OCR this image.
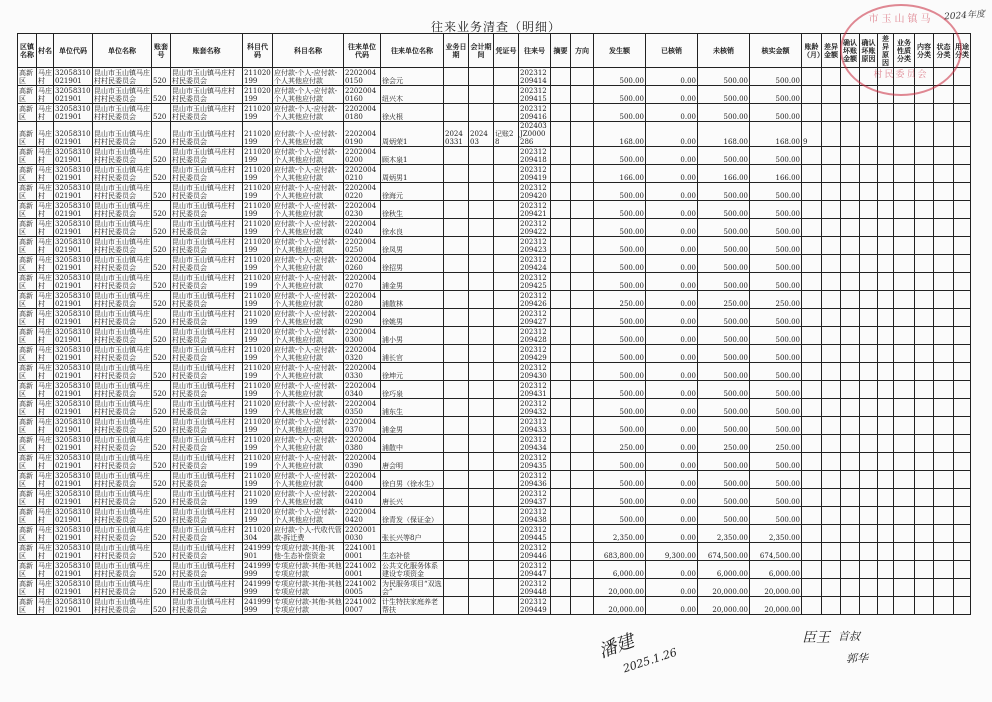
往来业务清查（明细）
2024年度
区镇名称	村名	单位代码	单位名称	账套号	账套名称	科目代码	科目名称	往来单位代码	往来单位名称	业务日期	会计期间	凭证号	往来号	摘要	方向	发生额	已核销	未核销	核实金额	账龄（月）	差异金额	确认坏账金额	确认坏账原因	差异原因	业务性质分类	内容分类	状态分类	用途分类
高新区	马庄村	32058310021901	昆山市玉山镇马庄村村民委员会	520	昆山市玉山镇马庄村村民委员会	211020199	应付款-个人-应付款-个人其他应付款	22020040150	徐会元				202312209414			500.00	0.00	500.00	500.00									
高新区	马庄村	32058310021901	昆山市玉山镇马庄村村民委员会	520	昆山市玉山镇马庄村村民委员会	211020199	应付款-个人-应付款-个人其他应付款	22020040160	纽兴木				202312209415			500.00	0.00	500.00	500.00									
高新区	马庄村	32058310021901	昆山市玉山镇马庄村村民委员会	520	昆山市玉山镇马庄村村民委员会	211020199	应付款-个人-应付款-个人其他应付款	22020040180	徐火根				202312209416			500.00	0.00	500.00	500.00									
高新区	马庄村	32058310021901	昆山市玉山镇马庄村村民委员会	520	昆山市玉山镇马庄村村民委员会	211020199	应付款-个人-应付款-个人其他应付款	22020040190	周炳荣1	20240331	202403	记账28	202403JZ0000286			168.00	0.00	168.00	168.00	9								
高新区	马庄村	32058310021901	昆山市玉山镇马庄村村民委员会	520	昆山市玉山镇马庄村村民委员会	211020199	应付款-个人-应付款-个人其他应付款	22020040200	顾木泉1				202312209418			500.00	0.00	500.00	500.00									
高新区	马庄村	32058310021901	昆山市玉山镇马庄村村民委员会	520	昆山市玉山镇马庄村村民委员会	211020199	应付款-个人-应付款-个人其他应付款	22020040210	周炳男1				202312209419			166.00	0.00	166.00	166.00									
高新区	马庄村	32058310021901	昆山市玉山镇马庄村村民委员会	520	昆山市玉山镇马庄村村民委员会	211020199	应付款-个人-应付款-个人其他应付款	22020040220	徐海元				202312209420			500.00	0.00	500.00	500.00									
高新区	马庄村	32058310021901	昆山市玉山镇马庄村村民委员会	520	昆山市玉山镇马庄村村民委员会	211020199	应付款-个人-应付款-个人其他应付款	22020040230	徐秋生				202312209421			500.00	0.00	500.00	500.00									
高新区	马庄村	32058310021901	昆山市玉山镇马庄村村民委员会	520	昆山市玉山镇马庄村村民委员会	211020199	应付款-个人-应付款-个人其他应付款	22020040240	徐水良				202312209422			500.00	0.00	500.00	500.00									
高新区	马庄村	32058310021901	昆山市玉山镇马庄村村民委员会	520	昆山市玉山镇马庄村村民委员会	211020199	应付款-个人-应付款-个人其他应付款	22020040250	徐凤男				202312209423			500.00	0.00	500.00	500.00									
高新区	马庄村	32058310021901	昆山市玉山镇马庄村村民委员会	520	昆山市玉山镇马庄村村民委员会	211020199	应付款-个人-应付款-个人其他应付款	22020040260	徐招男				202312209424			500.00	0.00	500.00	500.00									
高新区	马庄村	32058310021901	昆山市玉山镇马庄村村民委员会	520	昆山市玉山镇马庄村村民委员会	211020199	应付款-个人-应付款-个人其他应付款	22020040270	浦金男				202312209425			500.00	0.00	500.00	500.00									
高新区	马庄村	32058310021901	昆山市玉山镇马庄村村民委员会	520	昆山市玉山镇马庄村村民委员会	211020199	应付款-个人-应付款-个人其他应付款	22020040280	浦散林				202312209426			250.00	0.00	250.00	250.00									
高新区	马庄村	32058310021901	昆山市玉山镇马庄村村民委员会	520	昆山市玉山镇马庄村村民委员会	211020199	应付款-个人-应付款-个人其他应付款	22020040290	徐姚男				202312209427			500.00	0.00	500.00	500.00									
高新区	马庄村	32058310021901	昆山市玉山镇马庄村村民委员会	520	昆山市玉山镇马庄村村民委员会	211020199	应付款-个人-应付款-个人其他应付款	22020040300	浦小男				202312209428			500.00	0.00	500.00	500.00									
高新区	马庄村	32058310021901	昆山市玉山镇马庄村村民委员会	520	昆山市玉山镇马庄村村民委员会	211020199	应付款-个人-应付款-个人其他应付款	22020040320	浦长官				202312209429			500.00	0.00	500.00	500.00									
高新区	马庄村	32058310021901	昆山市玉山镇马庄村村民委员会	520	昆山市玉山镇马庄村村民委员会	211020199	应付款-个人-应付款-个人其他应付款	22020040330	徐坤元				202312209430			500.00	0.00	500.00	500.00									
高新区	马庄村	32058310021901	昆山市玉山镇马庄村村民委员会	520	昆山市玉山镇马庄村村民委员会	211020199	应付款-个人-应付款-个人其他应付款	22020040340	徐巧泉				202312209431			500.00	0.00	500.00	500.00									
高新区	马庄村	32058310021901	昆山市玉山镇马庄村村民委员会	520	昆山市玉山镇马庄村村民委员会	211020199	应付款-个人-应付款-个人其他应付款	22020040350	浦东生				202312209432			500.00	0.00	500.00	500.00									
高新区	马庄村	32058310021901	昆山市玉山镇马庄村村民委员会	520	昆山市玉山镇马庄村村民委员会	211020199	应付款-个人-应付款-个人其他应付款	22020040370	浦金男				202312209433			500.00	0.00	500.00	500.00									
高新区	马庄村	32058310021901	昆山市玉山镇马庄村村民委员会	520	昆山市玉山镇马庄村村民委员会	211020199	应付款-个人-应付款-个人其他应付款	22020040380	浦散中				202312209434			250.00	0.00	250.00	250.00									
高新区	马庄村	32058310021901	昆山市玉山镇马庄村村民委员会	520	昆山市玉山镇马庄村村民委员会	211020199	应付款-个人-应付款-个人其他应付款	22020040390	唐会明				202312209435			500.00	0.00	500.00	500.00									
高新区	马庄村	32058310021901	昆山市玉山镇马庄村村民委员会	520	昆山市玉山镇马庄村村民委员会	211020199	应付款-个人-应付款-个人其他应付款	22020040400	徐白男（徐水生）				202312209436			500.00	0.00	500.00	500.00									
高新区	马庄村	32058310021901	昆山市玉山镇马庄村村民委员会	520	昆山市玉山镇马庄村村民委员会	211020199	应付款-个人-应付款-个人其他应付款	22020040410	唐长兴				202312209437			500.00	0.00	500.00	500.00									
高新区	马庄村	32058310021901	昆山市玉山镇马庄村村民委员会	520	昆山市玉山镇马庄村村民委员会	211020199	应付款-个人-应付款-个人其他应付款	22020040420	徐青发（保证金）				202312209438			500.00	0.00	500.00	500.00									
高新区	马庄村	32058310021901	昆山市玉山镇马庄村村民委员会	520	昆山市玉山镇马庄村村民委员会	211020304	应付款-个人-代收代管款-拆迁费	22020010030	张长兴等8户				202312209445			2,350.00	0.00	2,350.00	2,350.00									
高新区	马庄村	32058310021901	昆山市玉山镇马庄村村民委员会	520	昆山市玉山镇马庄村村民委员会	241999901	专项应付款-其他-其他-生态补偿资金	22410010001	生态补偿				202312209446			683,800.00	9,300.00	674,500.00	674,500.00									
高新区	马庄村	32058310021901	昆山市玉山镇马庄村村民委员会	520	昆山市玉山镇马庄村村民委员会	241999999	专项应付款-其他-其他专项应付款	22410020001	公共文化服务体系建设专项资金				202312209447			6,000.00	0.00	6,000.00	6,000.00									
高新区	马庄村	32058310021901	昆山市玉山镇马庄村村民委员会	520	昆山市玉山镇马庄村村民委员会	241999999	专项应付款-其他-其他专项应付款	22410020005	为民服务项目“双选会”				202312209448			20,000.00	0.00	20,000.00	20,000.00									
高新区	马庄村	32058310021901	昆山市玉山镇马庄村村民委员会	520	昆山市玉山镇马庄村村民委员会	241999999	专项应付款-其他-其他专项应付款	22410020007	计生特扶家庭养老帮扶				202312209449			20,000.00	0.00	20,000.00	20,000.00									
市玉山镇马
村民委员会
潘建
2025.1.26
臣王 首叔
郭华
